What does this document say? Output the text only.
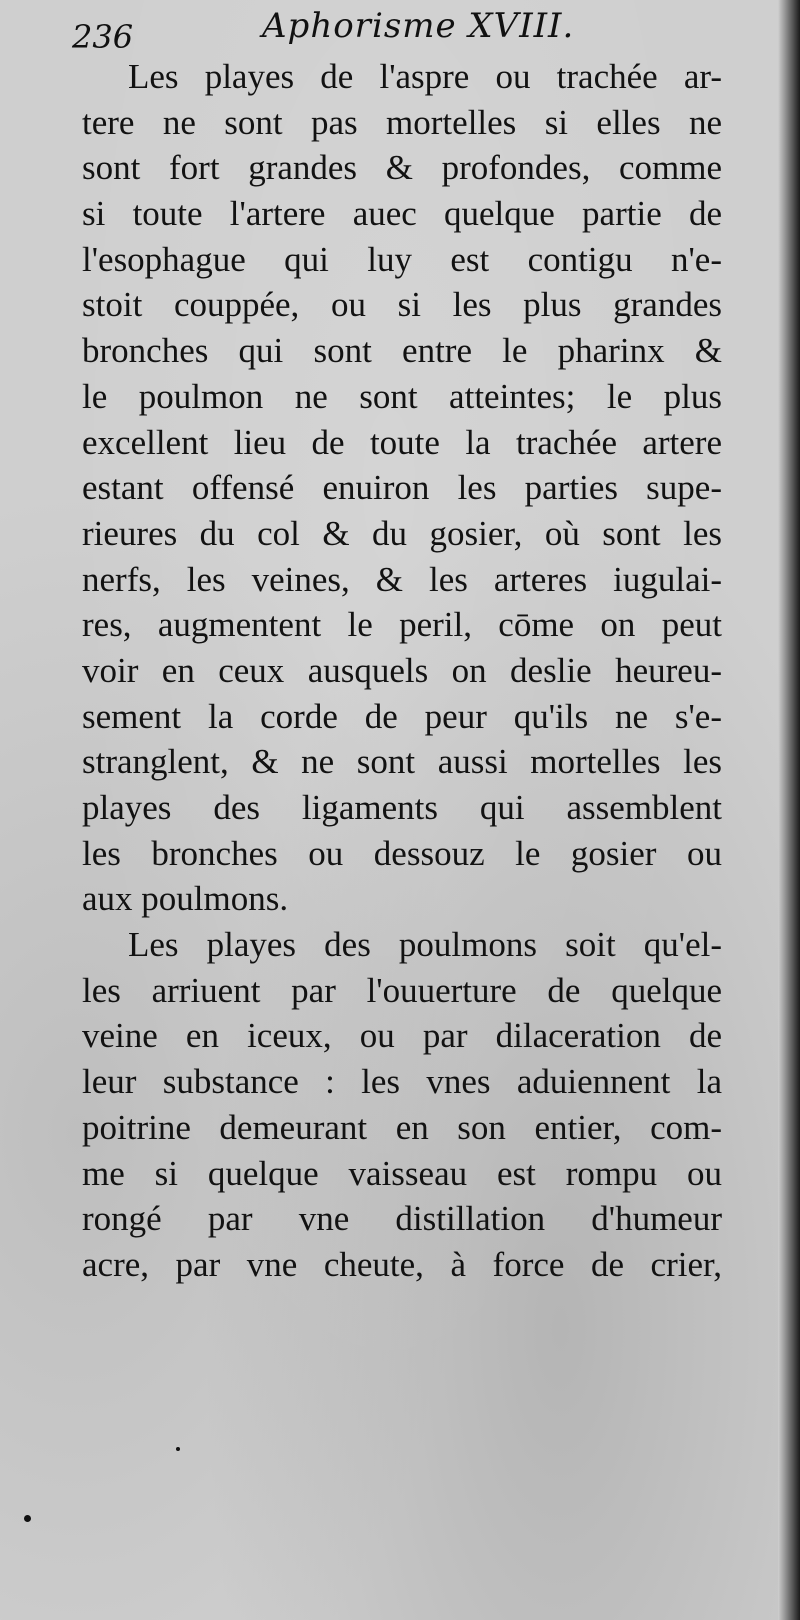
236	Aphorisme XVIII.
Les playes de l'aspre ou trachée ar-
tere ne sont pas mortelles si elles ne
sont fort grandes & profondes, comme
si toute l'artere auec quelque partie de
l'esophague qui luy est contigu n'e-
stoit couppée, ou si les plus grandes
bronches qui sont entre le pharinx &
le poulmon ne sont atteintes; le plus
excellent lieu de toute la trachée artere
estant offensé enuiron les parties supe-
rieures du col & du gosier, où sont les
nerfs, les veines, & les arteres iugulai-
res, augmentent le peril, cōme on peut
voir en ceux ausquels on deslie heureu-
sement la corde de peur qu'ils ne s'e-
stranglent, & ne sont aussi mortelles les
playes des ligaments qui assemblent
les bronches ou dessouz le gosier ou
aux poulmons.
Les playes des poulmons soit qu'el-
les arriuent par l'ouuerture de quelque
veine en iceux, ou par dilaceration de
leur substance : les vnes aduiennent la
poitrine demeurant en son entier, com-
me si quelque vaisseau est rompu ou
rongé par vne distillation d'humeur
acre, par vne cheute, à force de crier,
